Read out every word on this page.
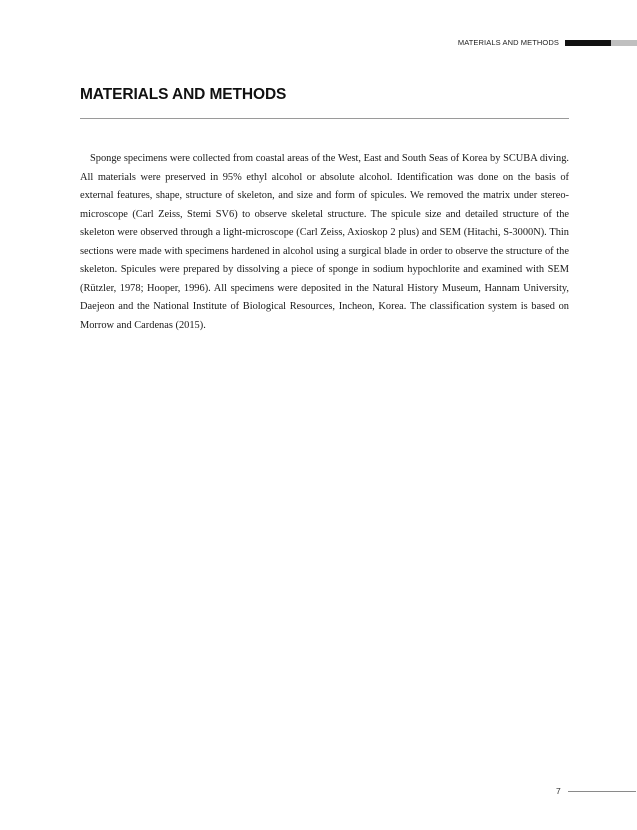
MATERIALS AND METHODS
MATERIALS AND METHODS

Sponge specimens were collected from coastal areas of the West, East and South Seas of Korea by SCUBA diving. All materials were preserved in 95% ethyl alcohol or absolute alcohol. Identification was done on the basis of external features, shape, structure of skeleton, and size and form of spicules. We removed the matrix under stereo-microscope (Carl Zeiss, Stemi SV6) to observe skeletal structure. The spicule size and detailed structure of the skeleton were observed through a light-microscope (Carl Zeiss, Axioskop 2 plus) and SEM (Hitachi, S-3000N). Thin sections were made with specimens hardened in alcohol using a surgical blade in order to observe the structure of the skeleton. Spicules were prepared by dissolving a piece of sponge in sodium hypochlorite and examined with SEM (Rützler, 1978; Hooper, 1996). All specimens were deposited in the Natural History Museum, Hannam University, Daejeon and the National Institute of Biological Resources, Incheon, Korea. The classification system is based on Morrow and Cardenas (2015).

7
